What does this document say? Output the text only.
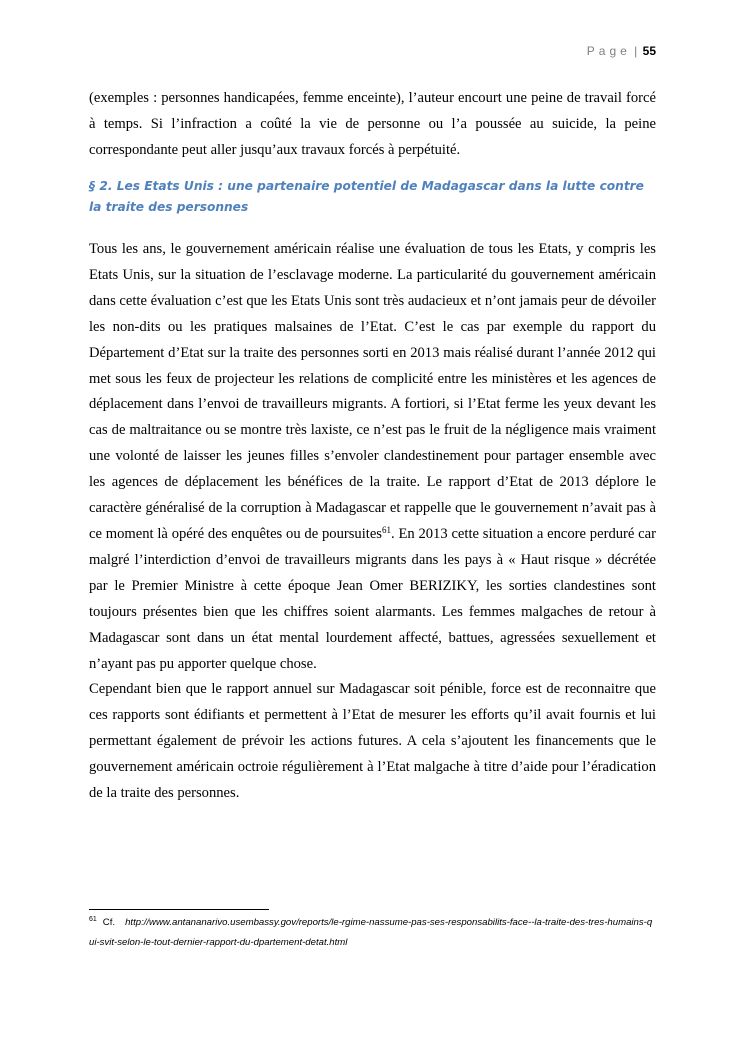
Page | 55

(exemples : personnes handicapées, femme enceinte), l’auteur encourt une peine de travail forcé à temps. Si l’infraction a coûté la vie de personne ou l’a poussée au suicide, la peine correspondante peut aller jusqu’aux travaux forcés à perpétuité.

§ 2. Les Etats Unis : une partenaire potentiel de Madagascar dans la lutte contre la traite des personnes

Tous les ans, le gouvernement américain réalise une évaluation de tous les Etats, y compris les Etats Unis, sur la situation de l’esclavage moderne. La particularité du gouvernement américain dans cette évaluation c’est que les Etats Unis sont très audacieux et n’ont jamais peur de dévoiler les non-dits ou les pratiques malsaines de l’Etat. C’est le cas par exemple du rapport du Département d’Etat sur la traite des personnes sorti en 2013 mais réalisé durant l’année 2012 qui met sous les feux de projecteur les relations de complicité entre les ministères et les agences de déplacement dans l’envoi de travailleurs migrants. A fortiori, si l’Etat ferme les yeux devant les cas de maltraitance ou se montre très laxiste, ce n’est pas le fruit de la négligence mais vraiment une volonté de laisser les jeunes filles s’envoler clandestinement pour partager ensemble avec les agences de déplacement les bénéfices de la traite. Le rapport d’Etat de 2013 déplore le caractère généralisé de la corruption à Madagascar et rappelle que le gouvernement n’avait pas à ce moment là opéré des enquêtes ou de poursuites$^{61}$. En 2013 cette situation a encore perduré car malgré l’interdiction d’envoi de travailleurs migrants dans les pays à « Haut risque » décrétée par le Premier Ministre à cette époque Jean Omer BERIZIKY, les sorties clandestines sont toujours présentes bien que les chiffres soient alarmants. Les femmes malgaches de retour à Madagascar sont dans un état mental lourdement affecté, battues, agressées sexuellement et n’ayant pas pu apporter quelque chose.

Cependant bien que le rapport annuel sur Madagascar soit pénible, force est de reconnaitre que ces rapports sont édifiants et permettent à l’Etat de mesurer les efforts qu’il avait fournis et lui permettant également de prévoir les actions futures. A cela s’ajoutent les financements que le gouvernement américain octroie régulièrement à l’Etat malgache à titre d’aide pour l’éradication de la traite des personnes.

$^{61}$ Cf. http://www.antananarivo.usembassy.gov/reports/le-rgime-nassume-pas-ses-responsabilits-face--la-traite-des-tres-humains-qui-svit-selon-le-tout-dernier-rapport-du-dpartement-detat.html
